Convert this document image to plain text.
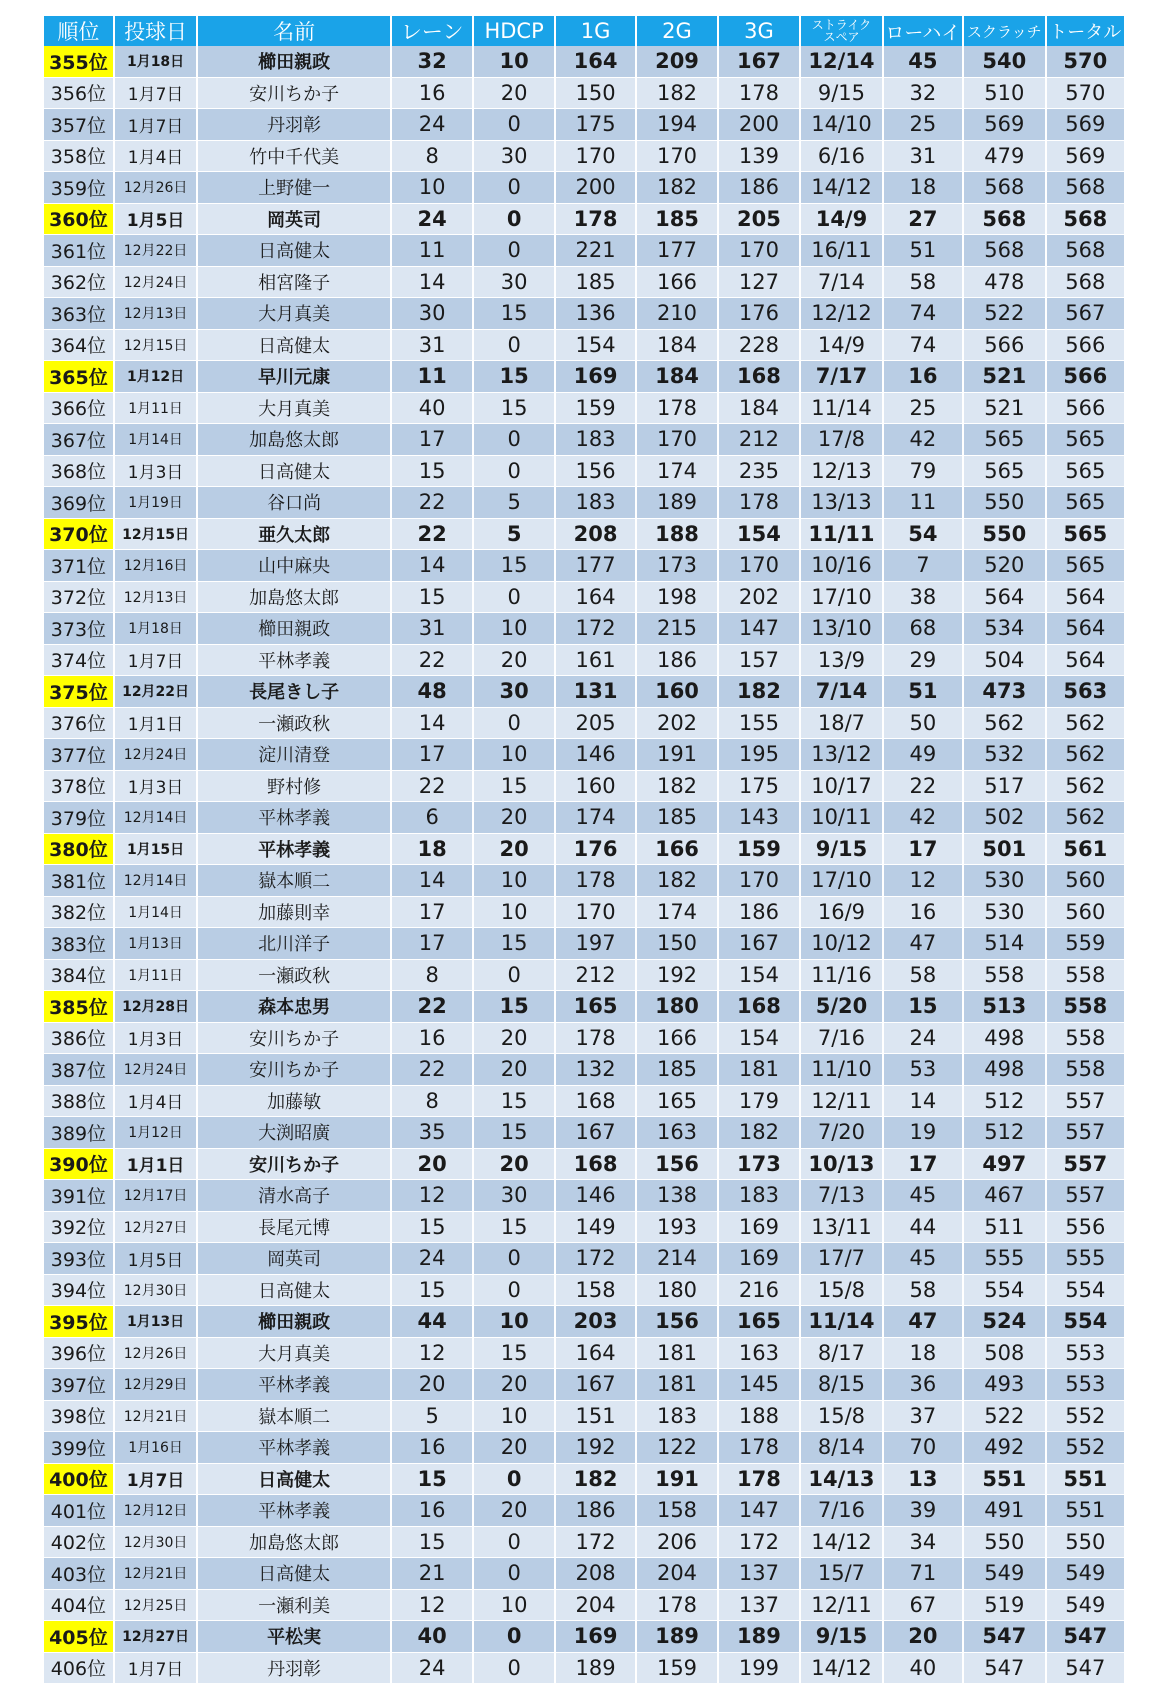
順位	投球日	名前	レーン	HDCP	1G	2G	3G	ストライク
スペア	ローハイ	スクラッチ	トータル
355位	1月18日	櫛田親政	32	10	164	209	167	12/14	45	540	570
356位	1月7日	安川ちか子	16	20	150	182	178	9/15	32	510	570
357位	1月7日	丹羽彰	24	0	175	194	200	14/10	25	569	569
358位	1月4日	竹中千代美	8	30	170	170	139	6/16	31	479	569
359位	12月26日	上野健一	10	0	200	182	186	14/12	18	568	568
360位	1月5日	岡英司	24	0	178	185	205	14/9	27	568	568
361位	12月22日	日高健太	11	0	221	177	170	16/11	51	568	568
362位	12月24日	相宮隆子	14	30	185	166	127	7/14	58	478	568
363位	12月13日	大月真美	30	15	136	210	176	12/12	74	522	567
364位	12月15日	日高健太	31	0	154	184	228	14/9	74	566	566
365位	1月12日	早川元康	11	15	169	184	168	7/17	16	521	566
366位	1月11日	大月真美	40	15	159	178	184	11/14	25	521	566
367位	1月14日	加島悠太郎	17	0	183	170	212	17/8	42	565	565
368位	1月3日	日高健太	15	0	156	174	235	12/13	79	565	565
369位	1月19日	谷口尚	22	5	183	189	178	13/13	11	550	565
370位	12月15日	亜久太郎	22	5	208	188	154	11/11	54	550	565
371位	12月16日	山中麻央	14	15	177	173	170	10/16	7	520	565
372位	12月13日	加島悠太郎	15	0	164	198	202	17/10	38	564	564
373位	1月18日	櫛田親政	31	10	172	215	147	13/10	68	534	564
374位	1月7日	平林孝義	22	20	161	186	157	13/9	29	504	564
375位	12月22日	長尾きし子	48	30	131	160	182	7/14	51	473	563
376位	1月1日	一瀬政秋	14	0	205	202	155	18/7	50	562	562
377位	12月24日	淀川清登	17	10	146	191	195	13/12	49	532	562
378位	1月3日	野村修	22	15	160	182	175	10/17	22	517	562
379位	12月14日	平林孝義	6	20	174	185	143	10/11	42	502	562
380位	1月15日	平林孝義	18	20	176	166	159	9/15	17	501	561
381位	12月14日	嶽本順二	14	10	178	182	170	17/10	12	530	560
382位	1月14日	加藤則幸	17	10	170	174	186	16/9	16	530	560
383位	1月13日	北川洋子	17	15	197	150	167	10/12	47	514	559
384位	1月11日	一瀬政秋	8	0	212	192	154	11/16	58	558	558
385位	12月28日	森本忠男	22	15	165	180	168	5/20	15	513	558
386位	1月3日	安川ちか子	16	20	178	166	154	7/16	24	498	558
387位	12月24日	安川ちか子	22	20	132	185	181	11/10	53	498	558
388位	1月4日	加藤敏	8	15	168	165	179	12/11	14	512	557
389位	1月12日	大渕昭廣	35	15	167	163	182	7/20	19	512	557
390位	1月1日	安川ちか子	20	20	168	156	173	10/13	17	497	557
391位	12月17日	清水高子	12	30	146	138	183	7/13	45	467	557
392位	12月27日	長尾元博	15	15	149	193	169	13/11	44	511	556
393位	1月5日	岡英司	24	0	172	214	169	17/7	45	555	555
394位	12月30日	日高健太	15	0	158	180	216	15/8	58	554	554
395位	1月13日	櫛田親政	44	10	203	156	165	11/14	47	524	554
396位	12月26日	大月真美	12	15	164	181	163	8/17	18	508	553
397位	12月29日	平林孝義	20	20	167	181	145	8/15	36	493	553
398位	12月21日	嶽本順二	5	10	151	183	188	15/8	37	522	552
399位	1月16日	平林孝義	16	20	192	122	178	8/14	70	492	552
400位	1月7日	日高健太	15	0	182	191	178	14/13	13	551	551
401位	12月12日	平林孝義	16	20	186	158	147	7/16	39	491	551
402位	12月30日	加島悠太郎	15	0	172	206	172	14/12	34	550	550
403位	12月21日	日高健太	21	0	208	204	137	15/7	71	549	549
404位	12月25日	一瀬利美	12	10	204	178	137	12/11	67	519	549
405位	12月27日	平松実	40	0	169	189	189	9/15	20	547	547
406位	1月7日	丹羽彰	24	0	189	159	199	14/12	40	547	547
